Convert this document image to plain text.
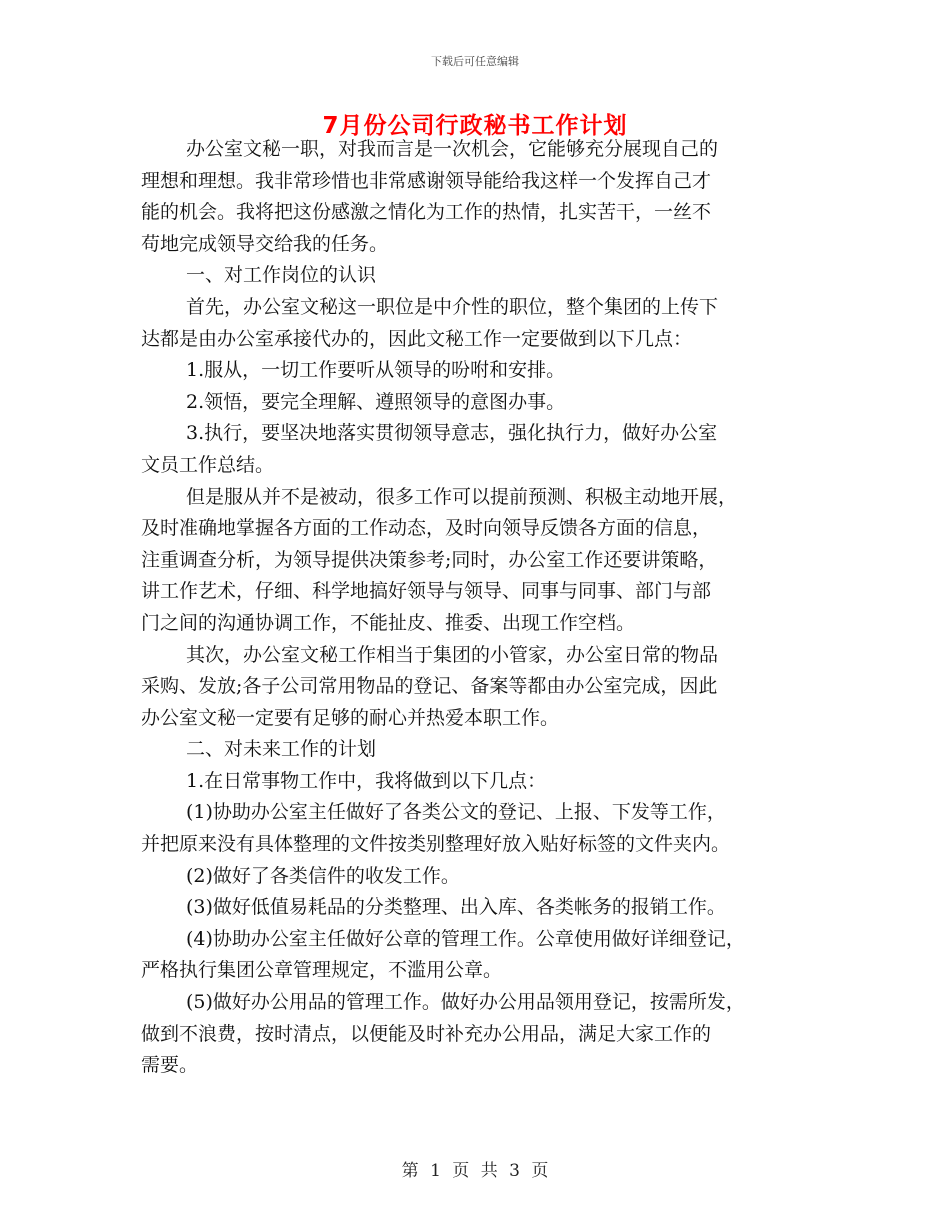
下载后可任意编辑
7月份公司行政秘书工作计划
办公室文秘一职，对我而言是一次机会，它能够充分展现自己的
理想和理想。我非常珍惜也非常感谢领导能给我这样一个发挥自己才
能的机会。我将把这份感激之情化为工作的热情，扎实苦干，一丝不
苟地完成领导交给我的任务。
一、对工作岗位的认识
首先，办公室文秘这一职位是中介性的职位，整个集团的上传下
达都是由办公室承接代办的，因此文秘工作一定要做到以下几点：
1.服从，一切工作要听从领导的吩咐和安排。
2.领悟，要完全理解、遵照领导的意图办事。
3.执行，要坚决地落实贯彻领导意志，强化执行力，做好办公室
文员工作总结。
但是服从并不是被动，很多工作可以提前预测、积极主动地开展，
及时准确地掌握各方面的工作动态，及时向领导反馈各方面的信息，
注重调查分析，为领导提供决策参考;同时，办公室工作还要讲策略，
讲工作艺术，仔细、科学地搞好领导与领导、同事与同事、部门与部
门之间的沟通协调工作，不能扯皮、推委、出现工作空档。
其次，办公室文秘工作相当于集团的小管家，办公室日常的物品
采购、发放;各子公司常用物品的登记、备案等都由办公室完成，因此
办公室文秘一定要有足够的耐心并热爱本职工作。
二、对未来工作的计划
1.在日常事物工作中，我将做到以下几点：
(1)协助办公室主任做好了各类公文的登记、上报、下发等工作，
并把原来没有具体整理的文件按类别整理好放入贴好标签的文件夹内。
(2)做好了各类信件的收发工作。
(3)做好低值易耗品的分类整理、出入库、各类帐务的报销工作。
(4)协助办公室主任做好公章的管理工作。公章使用做好详细登记，
严格执行集团公章管理规定，不滥用公章。
(5)做好办公用品的管理工作。做好办公用品领用登记，按需所发，
做到不浪费，按时清点，以便能及时补充办公用品，满足大家工作的
需要。
第 1 页 共 3 页
